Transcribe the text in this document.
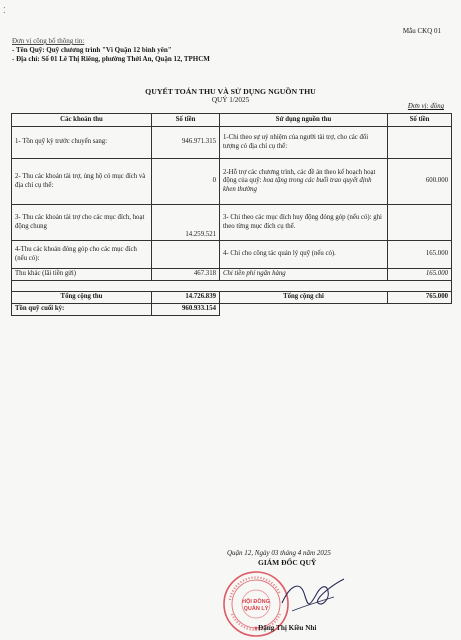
⁚
Mẫu CKQ 01
Đơn vị công bố thông tin:
- Tên Quỹ: Quỹ chương trình "Vì Quận 12 bình yên"
- Địa chỉ: Số 01 Lê Thị Riêng, phường Thới An, Quận 12, TPHCM
QUYẾT TOÁN THU VÀ SỬ DỤNG NGUỒN THU
QUÝ 1/2025
Đơn vị: đồng
Các khoản thu	Số tiền	Sử dụng nguồn thu	Số tiền
1- Tồn quỹ kỳ trước chuyển sang:	946.971.315	1-Chi theo sự uỷ nhiệm của người tài trợ, cho các đối tượng có địa chỉ cụ thể:	
2- Thu các khoản tài trợ, ủng hộ có mục đích và địa chỉ cụ thể:	0	2-Hỗ trợ các chương trình, các đề án theo kế hoạch hoạt động của quỹ: hoa tặng trong các buổi trao quyết định khen thưởng	600.000
3- Thu các khoản tài trợ cho các mục đích, hoạt động chung	14.259.521	3- Chi theo các mục đích huy động đóng góp (nếu có): ghi theo từng mục đích cụ thể.	
4-Thu các khoản đóng góp cho các mục đích (nếu có):		4- Chi cho công tác quản lý quỹ (nếu có).	165.000
Thu khác (lãi tiền gửi)	467.318	Chi tiền phí ngân hàng	165.000

Tổng cộng thu	14.726.839	Tổng cộng chi	765.000
Tồn quỹ cuối kỳ:	960.933.154		
Quận 12, Ngày 03 tháng 4 năm 2025
GIÁM ĐỐC QUỸ
HỘI ĐỒNG
QUẢN LÝ
★ Đặng Thị Kiều Nhi
